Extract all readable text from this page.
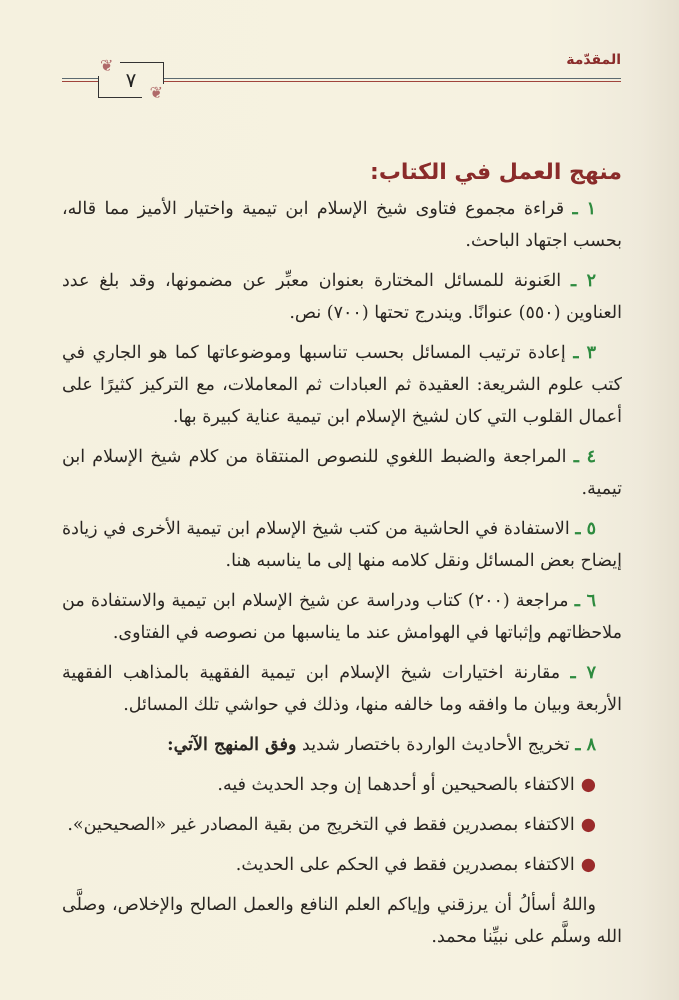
المقدّمة
❦
❦
٧
منهج العمل في الكتاب:

١ ـ قراءة مجموع فتاوى شيخ الإسلام ابن تيمية واختيار الأميز مما قاله، بحسب اجتهاد الباحث.

٢ ـ العَنونة للمسائل المختارة بعنوان معبِّر عن مضمونها، وقد بلغ عدد العناوين (٥٥٠) عنوانًا. ويندرج تحتها (٧٠٠) نص.

٣ ـ إعادة ترتيب المسائل بحسب تناسبها وموضوعاتها كما هو الجاري في كتب علوم الشريعة: العقيدة ثم العبادات ثم المعاملات، مع التركيز كثيرًا على أعمال القلوب التي كان لشيخ الإسلام ابن تيمية عناية كبيرة بها.

٤ ـ المراجعة والضبط اللغوي للنصوص المنتقاة من كلام شيخ الإسلام ابن تيمية.

٥ ـ الاستفادة في الحاشية من كتب شيخ الإسلام ابن تيمية الأخرى في زيادة إيضاح بعض المسائل ونقل كلامه منها إلى ما يناسبه هنا.

٦ ـ مراجعة (٢٠٠) كتاب ودراسة عن شيخ الإسلام ابن تيمية والاستفادة من ملاحظاتهم وإثباتها في الهوامش عند ما يناسبها من نصوصه في الفتاوى.

٧ ـ مقارنة اختيارات شيخ الإسلام ابن تيمية الفقهية بالمذاهب الفقهية الأربعة وبيان ما وافقه وما خالفه منها، وذلك في حواشي تلك المسائل.

٨ ـ تخريج الأحاديث الواردة باختصار شديد وفق المنهج الآتي:

●الاكتفاء بالصحيحين أو أحدهما إن وجد الحديث فيه.
●الاكتفاء بمصدرين فقط في التخريج من بقية المصادر غير «الصحيحين».
●الاكتفاء بمصدرين فقط في الحكم على الحديث.

واللهُ أسألُ أن يرزقني وإياكم العلم النافع والعمل الصالح والإخلاص، وصلَّى الله وسلَّم على نبيِّنا محمد.
